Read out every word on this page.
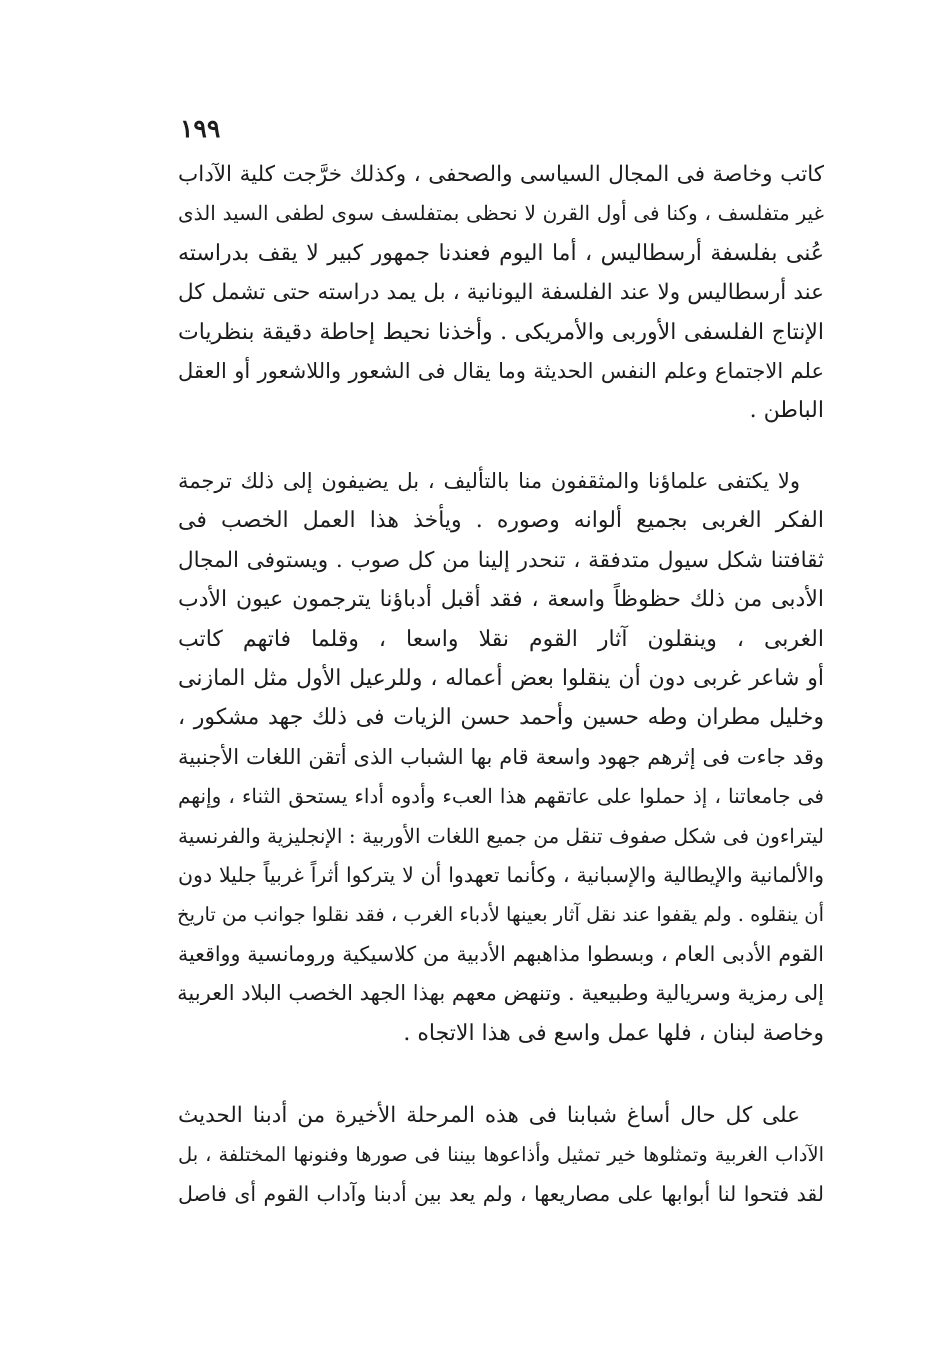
١٩٩
كاتب وخاصة فى المجال السياسى والصحفى ، وكذلك خرَّجت كلية الآداب
غير متفلسف ، وكنا فى أول القرن لا نحظى بمتفلسف سوى لطفى السيد الذى
عُنى بفلسفة أرسطاليس ، أما اليوم فعندنا جمهور كبير لا يقف بدراسته
عند أرسطاليس ولا عند الفلسفة اليونانية ، بل يمد دراسته حتى تشمل كل
الإنتاج الفلسفى الأوربى والأمريكى . وأخذنا نحيط إحاطة دقيقة بنظريات
علم الاجتماع وعلم النفس الحديثة وما يقال فى الشعور واللاشعور أو العقل
الباطن .
ولا يكتفى علماؤنا والمثقفون منا بالتأليف ، بل يضيفون إلى ذلك ترجمة
الفكر الغربى بجميع ألوانه وصوره . ويأخذ هذا العمل الخصب فى
ثقافتنا شكل سيول متدفقة ، تنحدر إلينا من كل صوب . ويستوفى المجال
الأدبى من ذلك حظوظاً واسعة ، فقد أقبل أدباؤنا يترجمون عيون الأدب
الغربى ، وينقلون آثار القوم نقلا واسعا ، وقلما فاتهم كاتب
أو شاعر غربى دون أن ينقلوا بعض أعماله ، وللرعيل الأول مثل المازنى
وخليل مطران وطه حسين وأحمد حسن الزيات فى ذلك جهد مشكور ،
وقد جاءت فى إثرهم جهود واسعة قام بها الشباب الذى أتقن اللغات الأجنبية
فى جامعاتنا ، إذ حملوا على عاتقهم هذا العبء وأدوه أداء يستحق الثناء ، وإنهم
ليتراءون فى شكل صفوف تنقل من جميع اللغات الأوربية : الإنجليزية والفرنسية
والألمانية والإيطالية والإسبانية ، وكأنما تعهدوا أن لا يتركوا أثراً غربياً جليلا دون
أن ينقلوه . ولم يقفوا عند نقل آثار بعينها لأدباء الغرب ، فقد نقلوا جوانب من تاريخ
القوم الأدبى العام ، وبسطوا مذاهبهم الأدبية من كلاسيكية ورومانسية وواقعية
إلى رمزية وسريالية وطبيعية . وتنهض معهم بهذا الجهد الخصب البلاد العربية
وخاصة لبنان ، فلها عمل واسع فى هذا الاتجاه .
على كل حال أساغ شبابنا فى هذه المرحلة الأخيرة من أدبنا الحديث
الآداب الغربية وتمثلوها خير تمثيل وأذاعوها بيننا فى صورها وفنونها المختلفة ، بل
لقد فتحوا لنا أبوابها على مصاريعها ، ولم يعد بين أدبنا وآداب القوم أى فاصل
